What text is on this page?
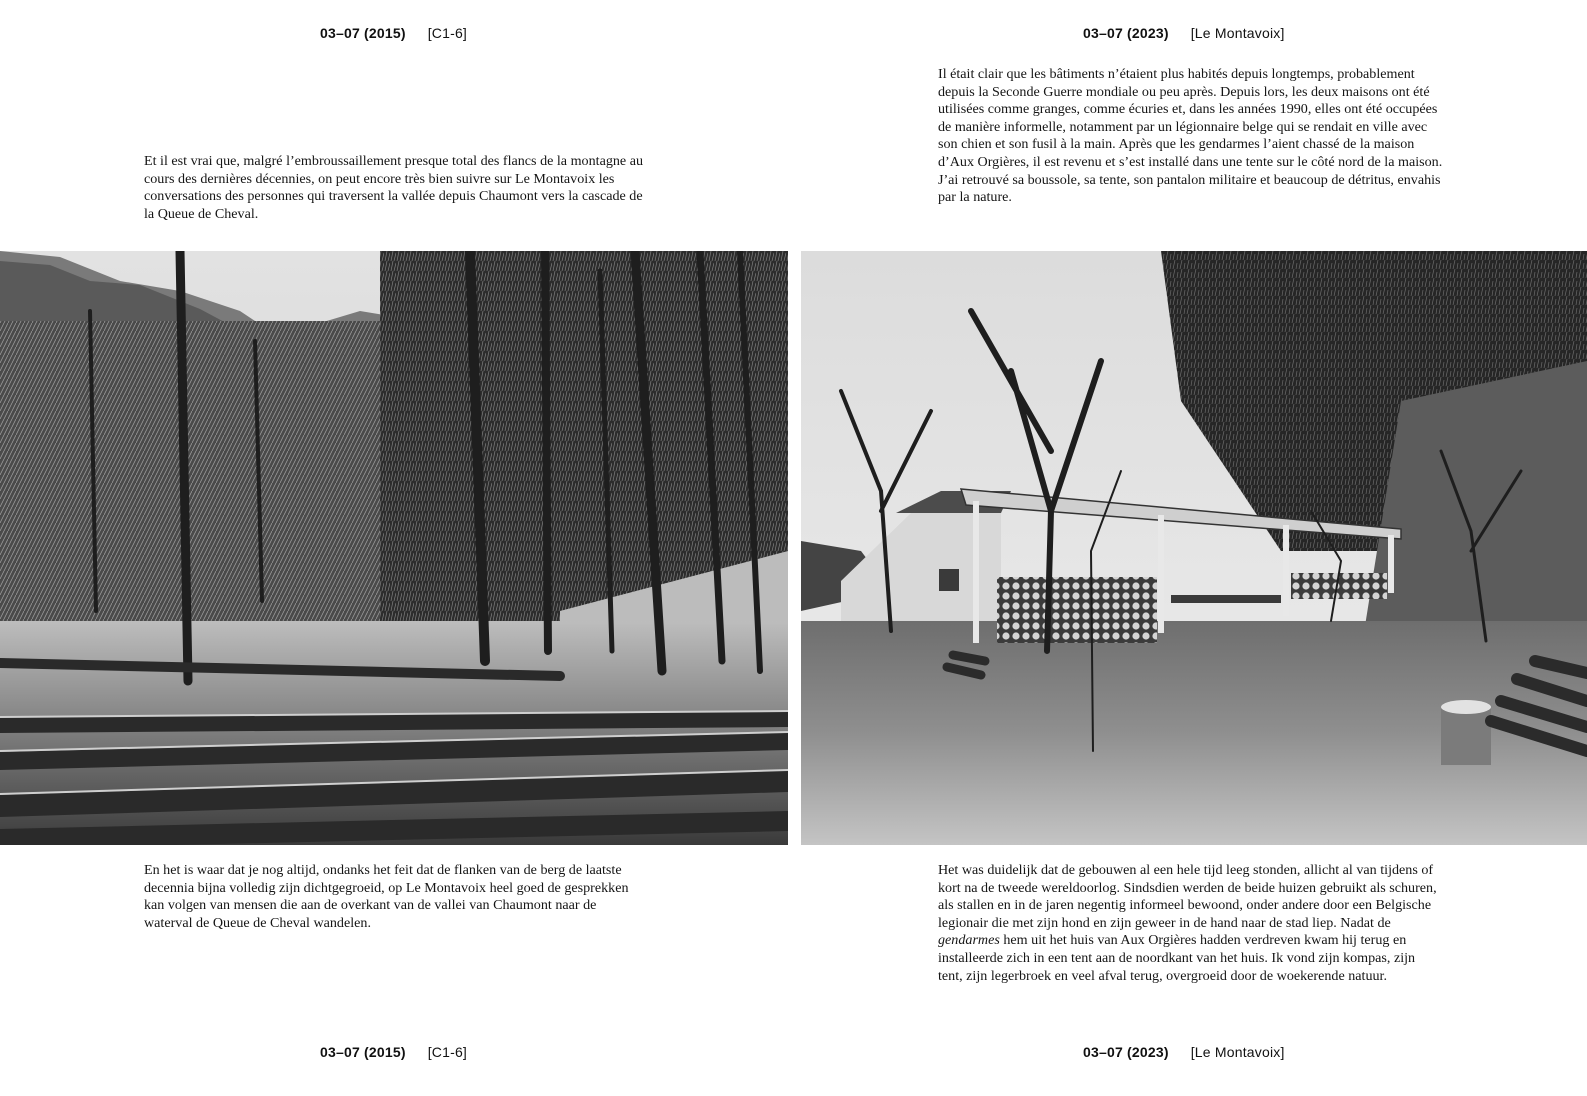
03–07 (2015) [C1-6]

Et il est vrai que, malgré l’embroussaillement presque total des flancs de la montagne au cours des dernières décennies, on peut encore très bien suivre sur Le Montavoix les conversations des personnes qui traversent la vallée depuis Chaumont vers la cascade de la Queue de Cheval.

En het is waar dat je nog altijd, ondanks het feit dat de flanken van de berg de laatste decennia bijna volledig zijn dichtgegroeid, op Le Montavoix heel goed de gesprekken kan volgen van mensen die aan de overkant van de vallei van Chaumont naar de waterval de Queue de Cheval wandelen.

03–07 (2015) [C1-6]
03–07 (2023) [Le Montavoix]

Il était clair que les bâtiments n’étaient plus habités depuis longtemps, probablement depuis la Seconde Guerre mondiale ou peu après. Depuis lors, les deux maisons ont été utilisées comme granges, comme écuries et, dans les années 1990, elles ont été occupées de manière informelle, notamment par un légionnaire belge qui se rendait en ville avec son chien et son fusil à la main. Après que les gendarmes l’aient chassé de la maison d’Aux Orgières, il est revenu et s’est installé dans une tente sur le côté nord de la maison. J’ai retrouvé sa boussole, sa tente, son pantalon militaire et beaucoup de détritus, envahis par la nature.

Het was duidelijk dat de gebouwen al een hele tijd leeg stonden, allicht al van tijdens of kort na de tweede wereldoorlog. Sindsdien werden de beide huizen gebruikt als schuren, als stallen en in de jaren negentig informeel bewoond, onder andere door een Belgische legionair die met zijn hond en zijn geweer in de hand naar de stad liep. Nadat de gendarmes hem uit het huis van Aux Orgières hadden verdreven kwam hij terug en installeerde zich in een tent aan de noordkant van het huis. Ik vond zijn kompas, zijn tent, zijn legerbroek en veel afval terug, overgroeid door de woekerende natuur.

03–07 (2023) [Le Montavoix]
